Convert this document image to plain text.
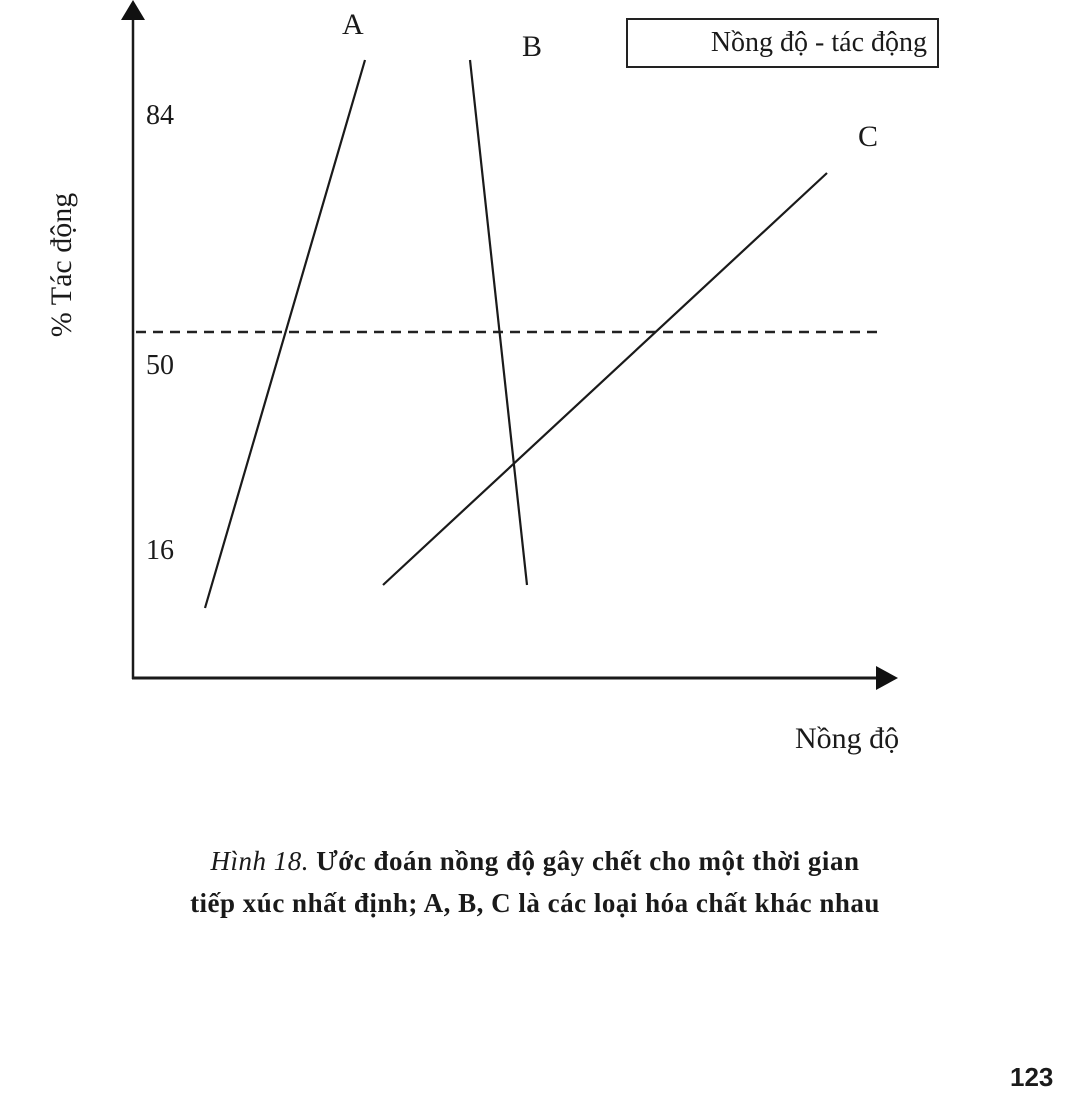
Nồng độ - tác động
% Tác động
Nồng độ
84
50
16
A
B
C
Hình 18. Ước đoán nồng độ gây chết cho một thời gian
tiếp xúc nhất định; A, B, C là các loại hóa chất khác nhau
123
